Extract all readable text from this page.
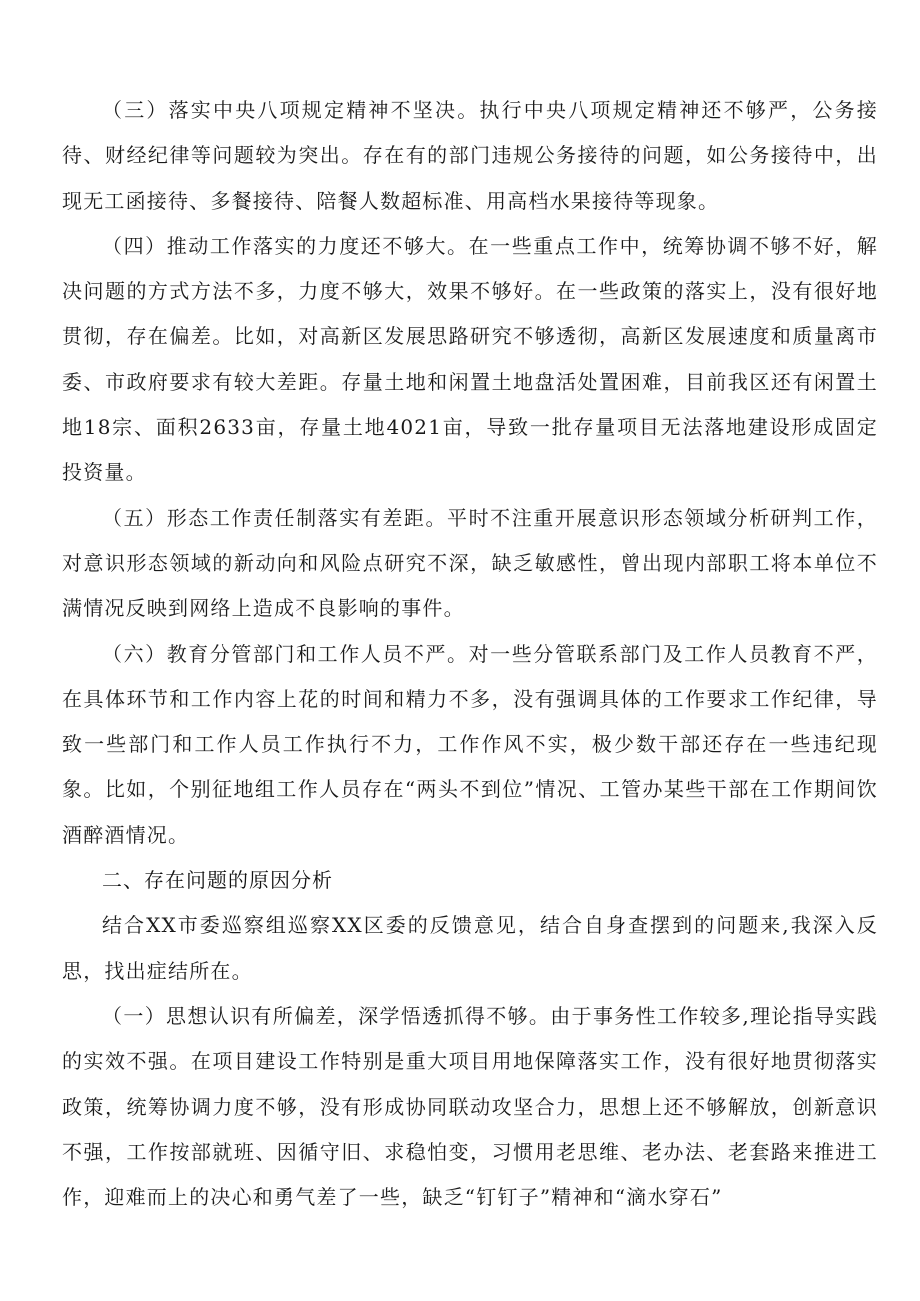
（三）落实中央八项规定精神不坚决。执行中央八项规定精神还不够严，公务接待、财经纪律等问题较为突出。存在有的部门违规公务接待的问题，如公务接待中，出现无工函接待、多餐接待、陪餐人数超标准、用高档水果接待等现象。

（四）推动工作落实的力度还不够大。在一些重点工作中，统筹协调不够不好，解决问题的方式方法不多，力度不够大，效果不够好。在一些政策的落实上，没有很好地贯彻，存在偏差。比如，对高新区发展思路研究不够透彻，高新区发展速度和质量离市委、市政府要求有较大差距。存量土地和闲置土地盘活处置困难，目前我区还有闲置土地18宗、面积2633亩，存量土地4021亩，导致一批存量项目无法落地建设形成固定投资量。

（五）形态工作责任制落实有差距。平时不注重开展意识形态领域分析研判工作，对意识形态领域的新动向和风险点研究不深，缺乏敏感性，曾出现内部职工将本单位不满情况反映到网络上造成不良影响的事件。

（六）教育分管部门和工作人员不严。对一些分管联系部门及工作人员教育不严，在具体环节和工作内容上花的时间和精力不多，没有强调具体的工作要求工作纪律，导致一些部门和工作人员工作执行不力，工作作风不实，极少数干部还存在一些违纪现象。比如，个别征地组工作人员存在“两头不到位”情况、工管办某些干部在工作期间饮酒醉酒情况。

二、存在问题的原因分析

结合XX市委巡察组巡察XX区委的反馈意见，结合自身查摆到的问题来,我深入反思，找出症结所在。

（一）思想认识有所偏差，深学悟透抓得不够。由于事务性工作较多,理论指导实践的实效不强。在项目建设工作特别是重大项目用地保障落实工作，没有很好地贯彻落实政策，统筹协调力度不够，没有形成协同联动攻坚合力，思想上还不够解放，创新意识不强，工作按部就班、因循守旧、求稳怕变，习惯用老思维、老办法、老套路来推进工作，迎难而上的决心和勇气差了一些，缺乏“钉钉子”精神和“滴水穿石”
